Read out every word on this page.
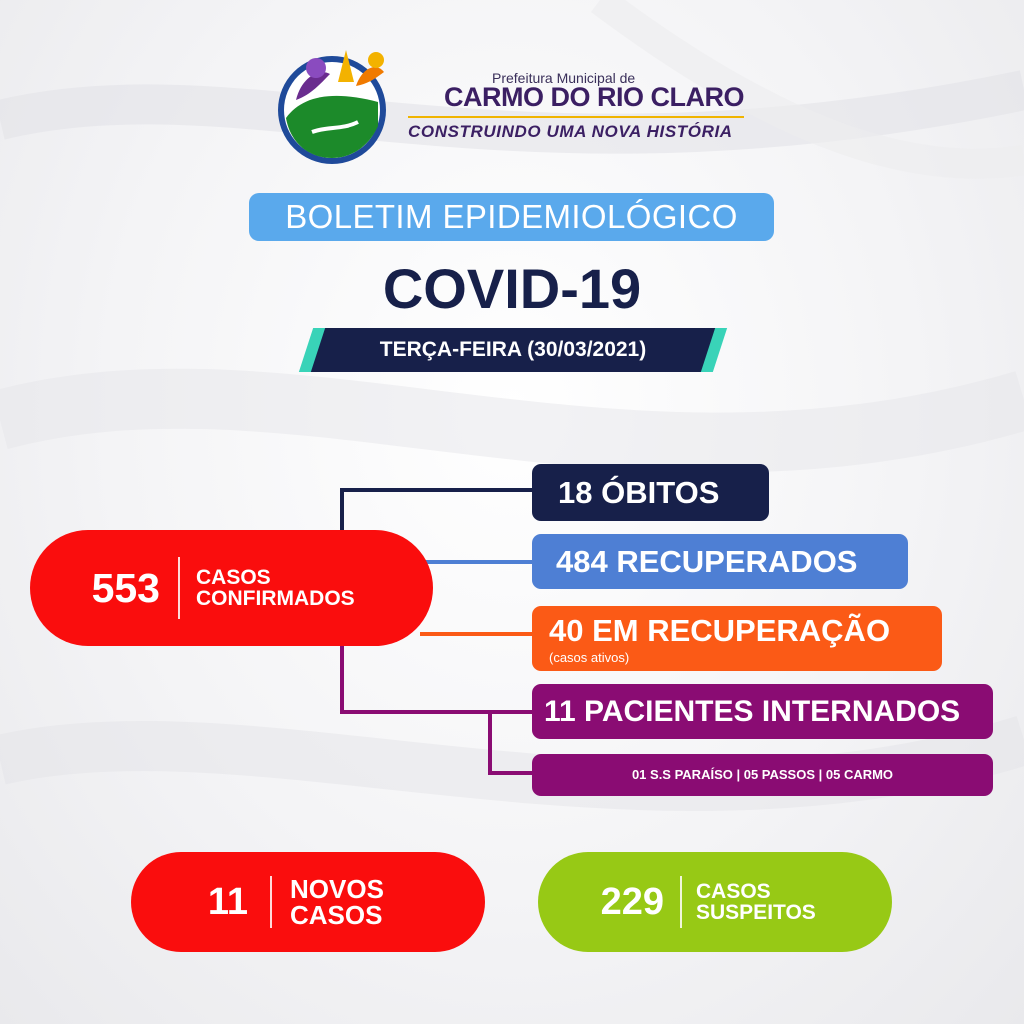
Prefeitura Municipal de
CARMO DO RIO CLARO
CONSTRUINDO UMA NOVA HISTÓRIA
BOLETIM EPIDEMIOLÓGICO
COVID-19
TERÇA-FEIRA (30/03/2021)
553 CASOS
CONFIRMADOS
18 ÓBITOS
484 RECUPERADOS
40 EM RECUPERAÇÃO
(casos ativos)
11 PACIENTES INTERNADOS
01 S.S PARAÍSO | 05 PASSOS | 05 CARMO
11 NOVOS
CASOS	229 CASOS
SUSPEITOS
